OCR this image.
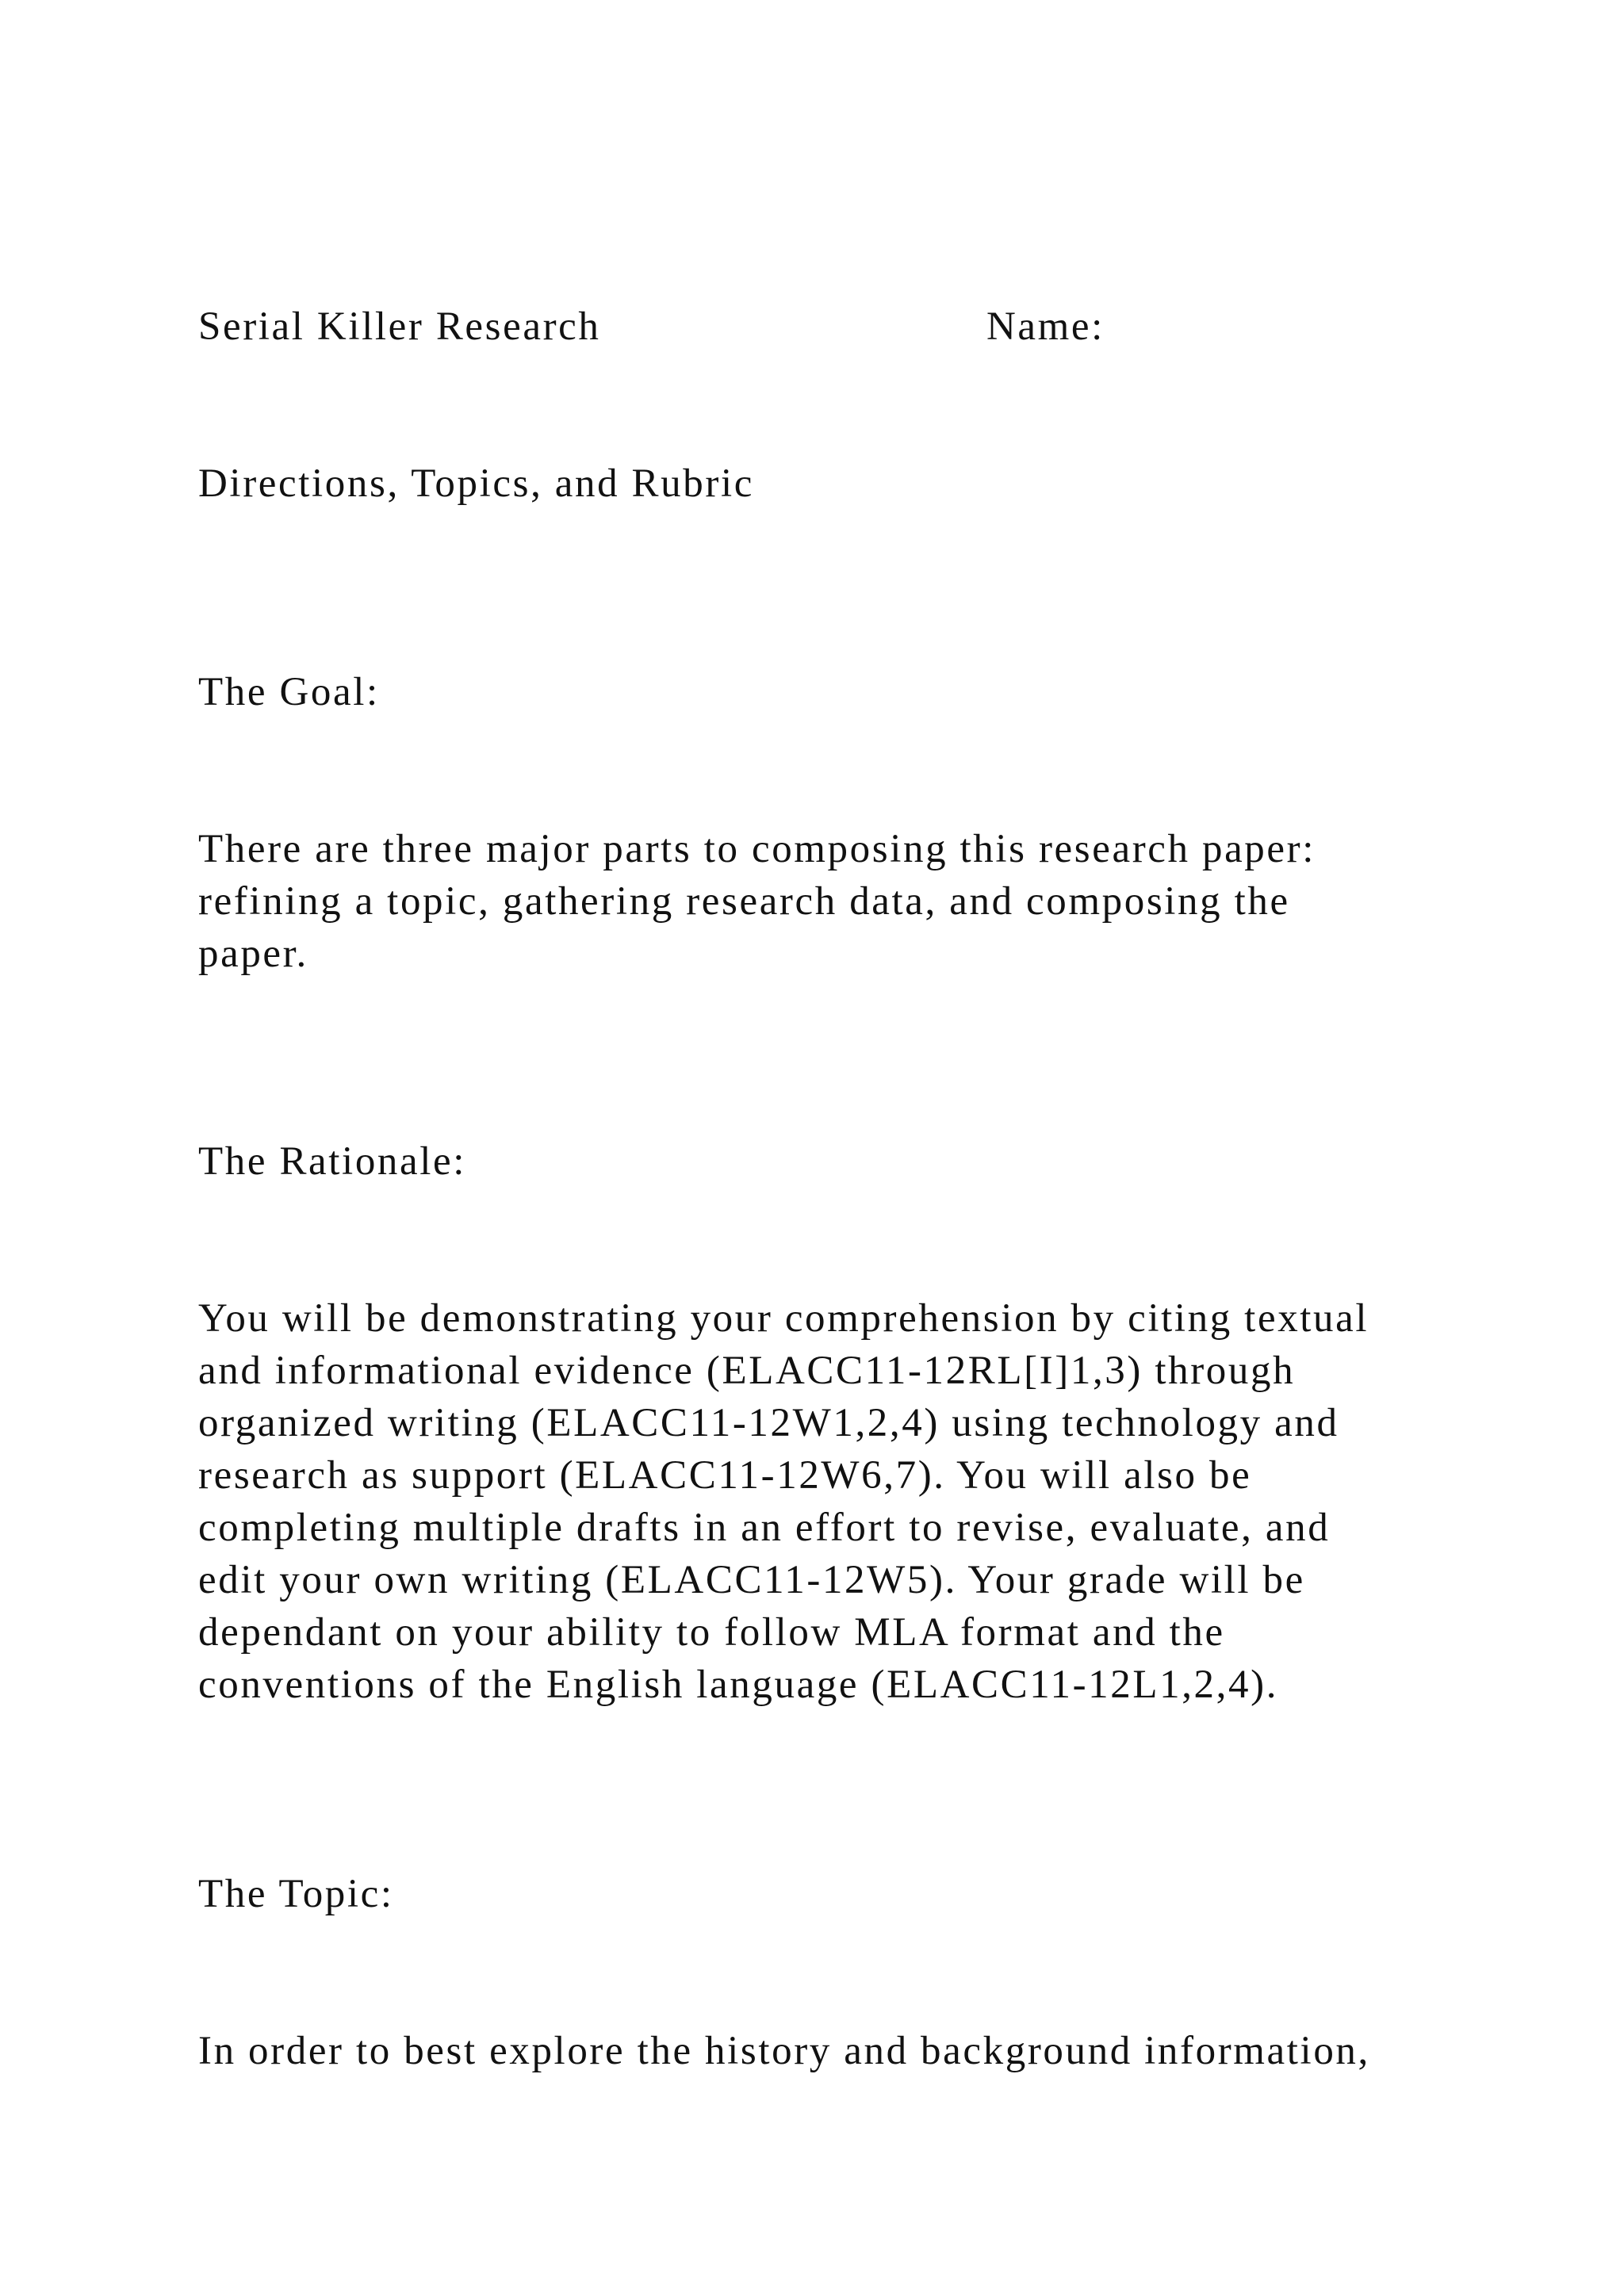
Serial Killer Research	Name:

Directions, Topics, and Rubric

The Goal:

There are three major parts to composing this research paper:

refining a topic, gathering research data, and composing the

paper.

The Rationale:

You will be demonstrating your comprehension by citing textual

and informational evidence (ELACC11-12RL[I]1,3) through

organized writing (ELACC11-12W1,2,4) using technology and

research as support (ELACC11-12W6,7). You will also be

completing multiple drafts in an effort to revise, evaluate, and

edit your own writing (ELACC11-12W5). Your grade will be

dependant on your ability to follow MLA format and the

conventions of the English language (ELACC11-12L1,2,4).

The Topic:

In order to best explore the history and background information,
